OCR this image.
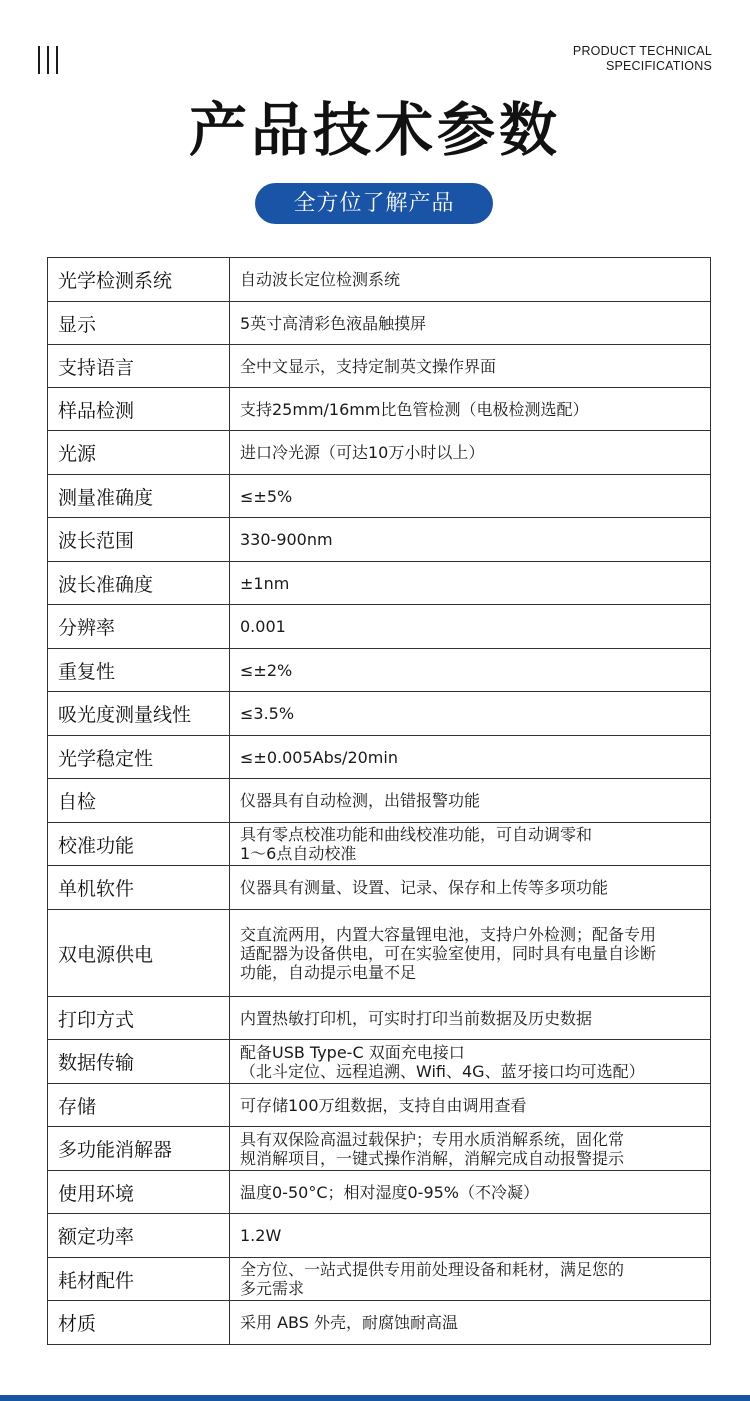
PRODUCT TECHNICAL
SPECIFICATIONS
产品技术参数
全方位了解产品
光学检测系统	自动波长定位检测系统

显示	5英寸高清彩色液晶触摸屏

支持语言	全中文显示，支持定制英文操作界面

样品检测	支持25mm/16mm比色管检测（电极检测选配）

光源	进口冷光源（可达10万小时以上）

测量准确度	≤±5%

波长范围	330-900nm

波长准确度	±1nm

分辨率	0.001

重复性	≤±2%

吸光度测量线性	≤3.5%

光学稳定性	≤±0.005Abs/20min

自检	仪器具有自动检测，出错报警功能

校准功能	具有零点校准功能和曲线校准功能，可自动调零和
1～6点自动校准

单机软件	仪器具有测量、设置、记录、保存和上传等多项功能

双电源供电	交直流两用，内置大容量锂电池，支持户外检测；配备专用
适配器为设备供电，可在实验室使用，同时具有电量自诊断
功能，自动提示电量不足

打印方式	内置热敏打印机，可实时打印当前数据及历史数据

数据传输	配备USB Type-C 双面充电接口
（北斗定位、远程追溯、Wifi、4G、蓝牙接口均可选配）

存储	可存储100万组数据，支持自由调用查看

多功能消解器	具有双保险高温过载保护；专用水质消解系统，固化常
规消解项目，一键式操作消解，消解完成自动报警提示

使用环境	温度0-50°C；相对湿度0-95%（不冷凝）

额定功率	1.2W

耗材配件	全方位、一站式提供专用前处理设备和耗材，满足您的
多元需求

材质	采用 ABS 外壳，耐腐蚀耐高温
